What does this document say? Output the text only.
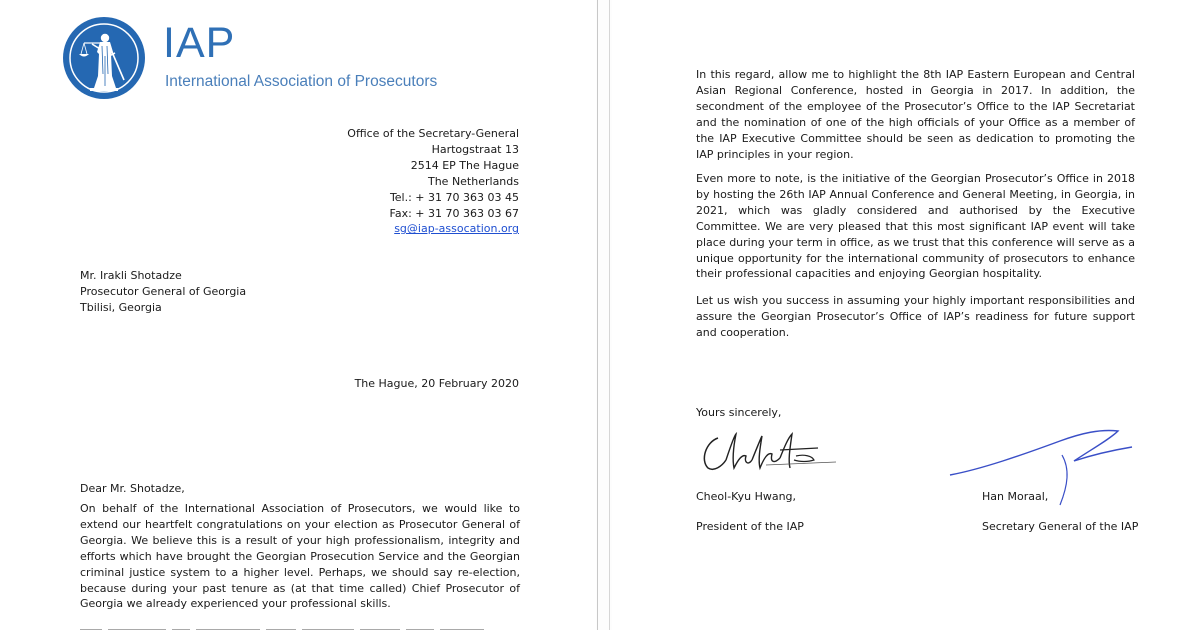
IAP
International Association of Prosecutors
Office of the Secretary-General
Hartogstraat 13
2514 EP The Hague
The Netherlands
Tel.: + 31 70 363 03 45
Fax: + 31 70 363 03 67
sg@iap-assocation.org
Mr. Irakli Shotadze
Prosecutor General of Georgia
Tbilisi, Georgia
The Hague, 20 February 2020
Dear Mr. Shotadze,

On behalf of the International Association of Prosecutors, we would like to extend our heartfelt congratulations on your election as Prosecutor General of Georgia. We believe this is a result of your high professionalism, integrity and efforts which have brought the Georgian Prosecution Service and the Georgian criminal justice system to a higher level. Perhaps, we should say re-election, because during your past tenure as (at that time called) Chief Prosecutor of Georgia we already experienced your professional skills.

In this regard, allow me to highlight the 8th IAP Eastern European and Central Asian Regional Conference, hosted in Georgia in 2017. In addition, the secondment of the employee of the Prosecutor’s Office to the IAP Secretariat and the nomination of one of the high officials of your Office as a member of the IAP Executive Committee should be seen as dedication to promoting the IAP principles in your region.

Even more to note, is the initiative of the Georgian Prosecutor’s Office in 2018 by hosting the 26th IAP Annual Conference and General Meeting, in Georgia, in 2021, which was gladly considered and authorised by the Executive Committee. We are very pleased that this most significant IAP event will take place during your term in office, as we trust that this conference will serve as a unique opportunity for the international community of prosecutors to enhance their professional capacities and enjoying Georgian hospitality.

Let us wish you success in assuming your highly important responsibilities and assure the Georgian Prosecutor’s Office of IAP’s readiness for future support and cooperation.

Yours sincerely,
Cheol-Kyu Hwang,
President of the IAP
Han Moraal,
Secretary General of the IAP
